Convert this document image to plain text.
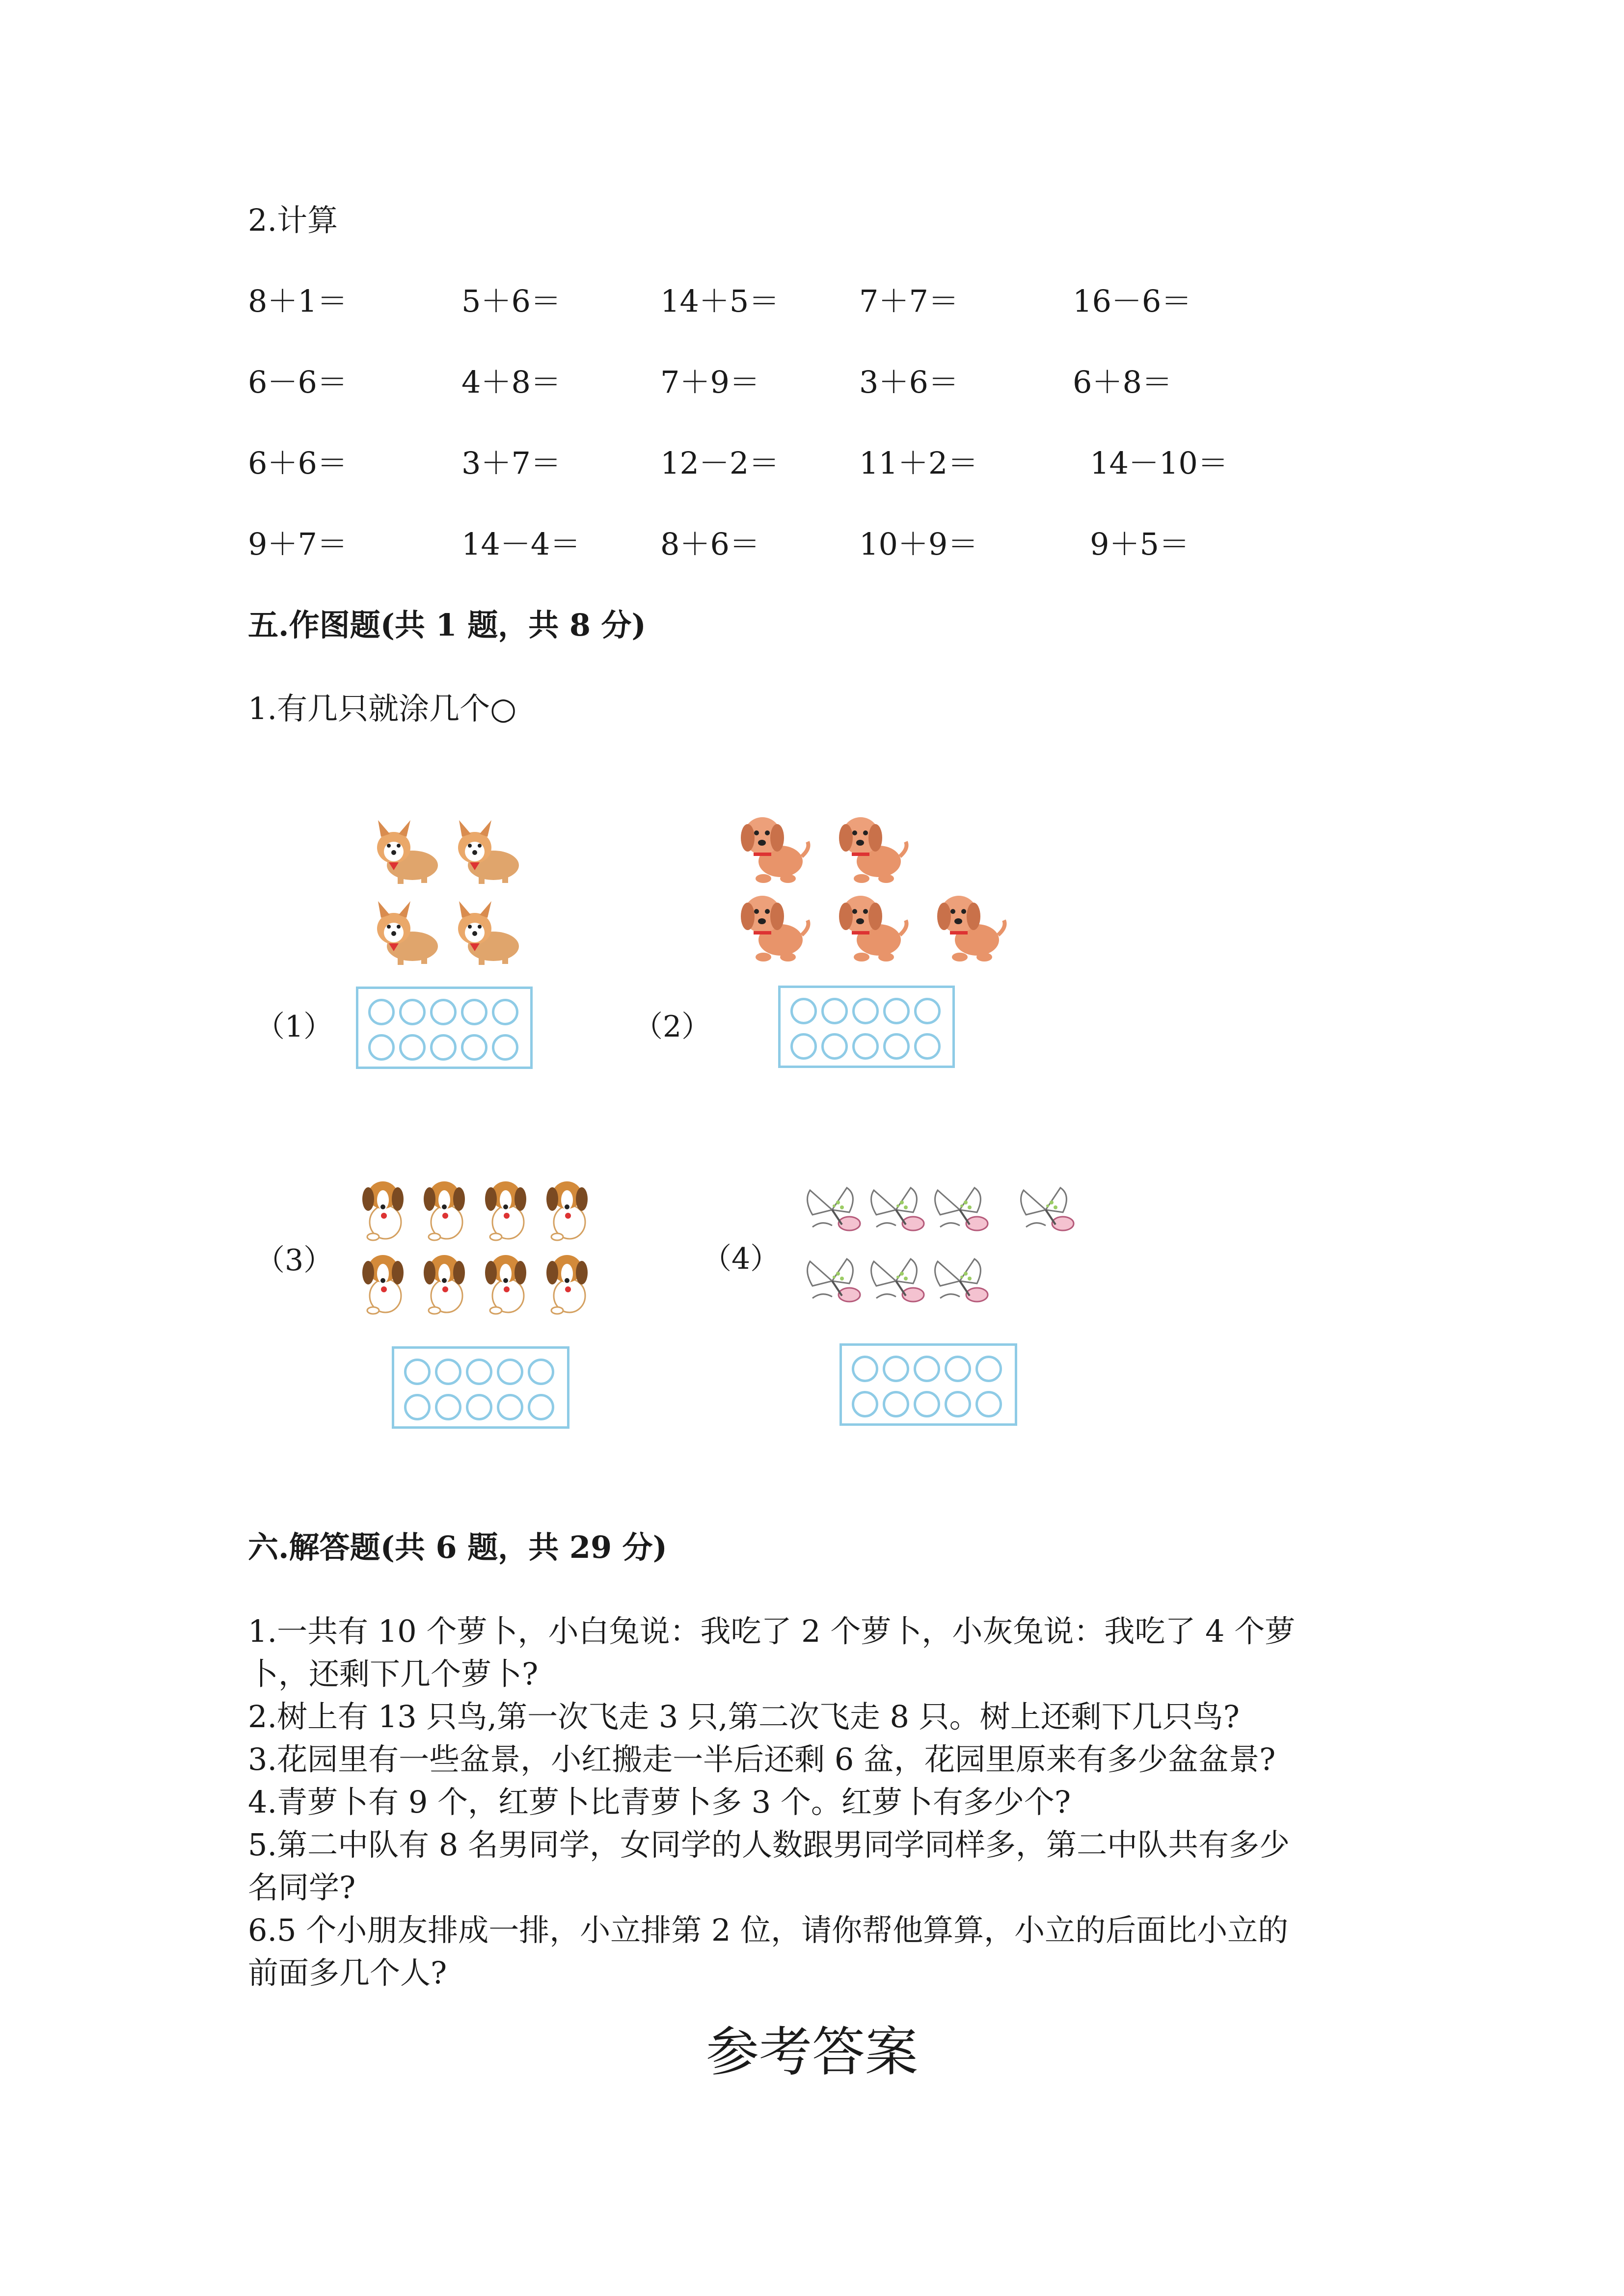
2.计算
8＋1＝	5＋6＝	14＋5＝	7＋7＝	16－6＝
6－6＝	4＋8＝	7＋9＝	3＋6＝	6＋8＝
6＋6＝	3＋7＝	12－2＝	11＋2＝	14－10＝
9＋7＝	14－4＝	8＋6＝	10＋9＝	9＋5＝
五.作图题(共 1 题，共 8 分)
1.有几只就涂几个○
（1）	（2）
（3）	（4）
六.解答题(共 6 题，共 29 分)
1.一共有 10 个萝卜，小白兔说：我吃了 2 个萝卜，小灰兔说：我吃了 4 个萝
卜，还剩下几个萝卜?
2.树上有 13 只鸟,第一次飞走 3 只,第二次飞走 8 只。树上还剩下几只鸟?
3.花园里有一些盆景，小红搬走一半后还剩 6 盆，花园里原来有多少盆盆景?
4.青萝卜有 9 个，红萝卜比青萝卜多 3 个。红萝卜有多少个?
5.第二中队有 8 名男同学，女同学的人数跟男同学同样多，第二中队共有多少
名同学?
6.5 个小朋友排成一排，小立排第 2 位，请你帮他算算，小立的后面比小立的
前面多几个人?
参考答案
